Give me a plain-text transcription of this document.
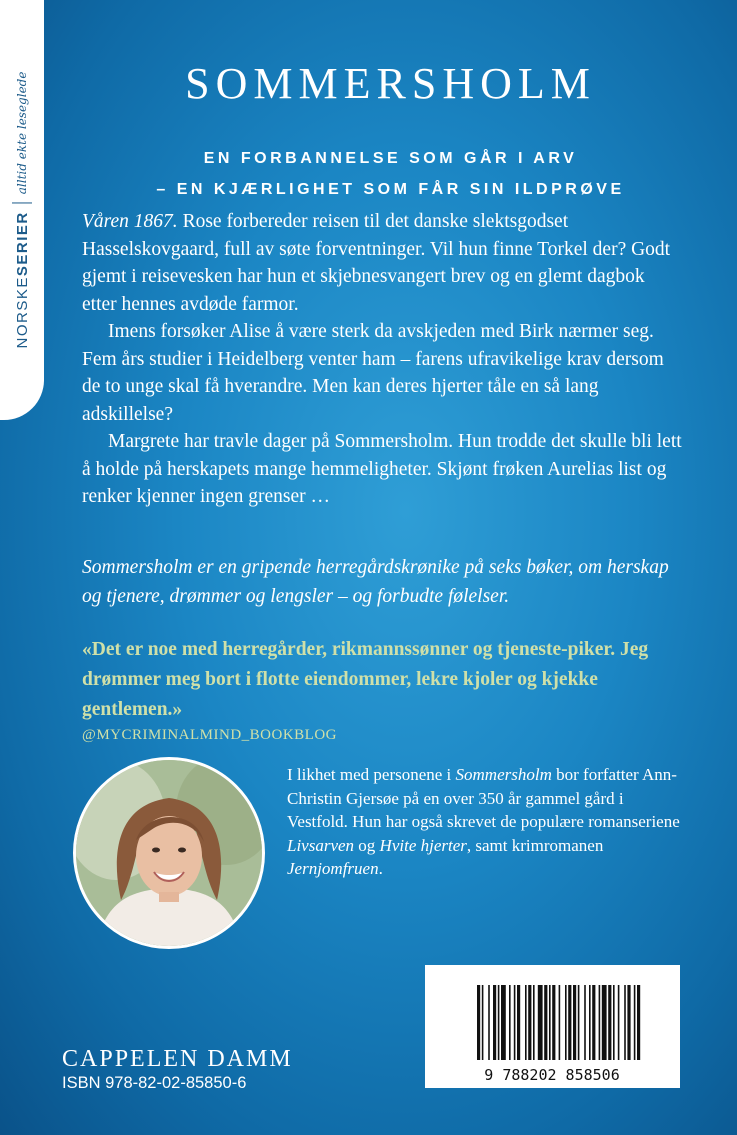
NORSKESERIER
alltid ekte leseglede	SOMMERSHOLM
EN FORBANNELSE SOM GÅR I ARV
– EN KJÆRLIGHET SOM FÅR SIN ILDPRØVE

Våren 1867. Rose forbereder reisen til det danske slektsgodset Hasselskovgaard, full av søte forventninger. Vil hun finne Torkel der? Godt gjemt i reisevesken har hun et skjebnesvangert brev og en glemt dagbok etter hennes avdøde farmor.

Imens forsøker Alise å være sterk da avskjeden med Birk nærmer seg. Fem års studier i Heidelberg venter ham – farens ufravikelige krav dersom de to unge skal få hverandre. Men kan deres hjerter tåle en så lang adskillelse?

Margrete har travle dager på Sommersholm. Hun trodde det skulle bli lett å holde på herskapets mange hemmeligheter. Skjønt frøken Aurelias list og renker kjenner ingen grenser …

Sommersholm er en gripende herregårdskrønike på seks bøker, om herskap og tjenere, drømmer og lengsler – og forbudte følelser.
«Det er noe med herregårder, rikmannssønner og tjeneste-piker. Jeg drømmer meg bort i flotte eiendommer, lekre kjoler og kjekke gentlemen.»
@MYCRIMINALMIND_BOOKBLOG
I likhet med personene i Sommersholm bor forfatter Ann-Christin Gjersøe på en over 350 år gammel gård i Vestfold. Hun har også skrevet de populære romanseriene Livsarven og Hvite hjerter, samt krimromanen Jernjomfruen.
9 788202 858506
CAPPELEN DAMM
ISBN 978-82-02-85850-6
